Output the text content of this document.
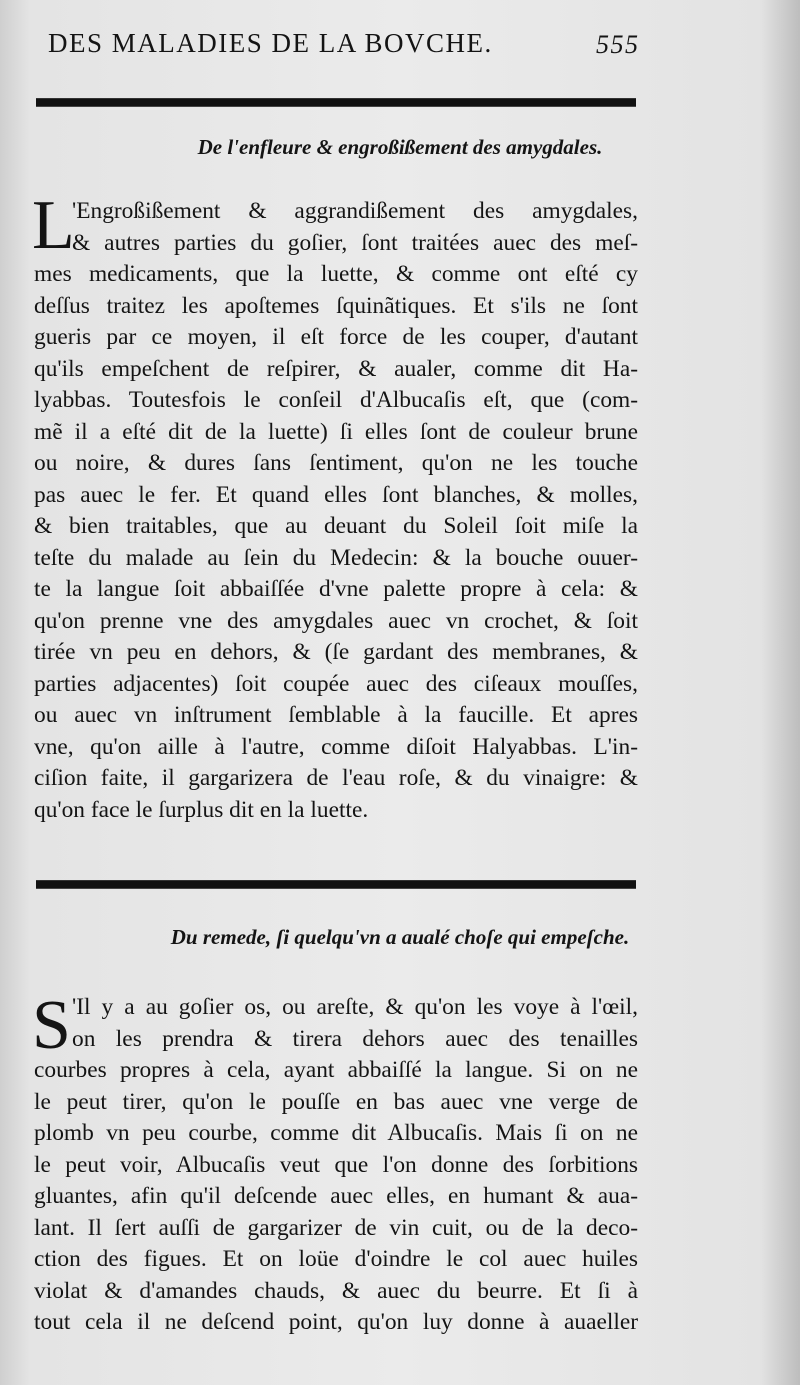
DES MALADIES DE LA BOVCHE.	555
De l'enfleure & engroßißement des amygdales.
L
'Engroßißement & aggrandißement des amygdales,
& autres parties du goſier, ſont traitées auec des meſ-
mes medicaments, que la luette, & comme ont eſté cy
deſſus traitez les apoſtemes ſquinãtiques. Et s'ils ne ſont
gueris par ce moyen, il eſt force de les couper, d'autant
qu'ils empeſchent de reſpirer, & aualer, comme dit Ha-
lyabbas. Toutesfois le conſeil d'Albucaſis eſt, que (com-
mẽ il a eſté dit de la luette) ſi elles ſont de couleur brune
ou noire, & dures ſans ſentiment, qu'on ne les touche
pas auec le fer. Et quand elles ſont blanches, & molles,
& bien traitables, que au deuant du Soleil ſoit miſe la
teſte du malade au ſein du Medecin: & la bouche ouuer-
te la langue ſoit abbaiſſée d'vne palette propre à cela: &
qu'on prenne vne des amygdales auec vn crochet, & ſoit
tirée vn peu en dehors, & (ſe gardant des membranes, &
parties adjacentes) ſoit coupée auec des ciſeaux mouſſes,
ou auec vn inſtrument ſemblable à la faucille. Et apres
vne, qu'on aille à l'autre, comme diſoit Halyabbas. L'in-
ciſion faite, il gargarizera de l'eau roſe, & du vinaigre: &
qu'on face le ſurplus dit en la luette.
Du remede, ſi quelqu'vn a aualé choſe qui empeſche.
S 'Il y a au goſier os, ou areſte, & qu'on les voye à l'œil,
on les prendra & tirera dehors auec des tenailles
courbes propres à cela, ayant abbaiſſé la langue. Si on ne
le peut tirer, qu'on le pouſſe en bas auec vne verge de
plomb vn peu courbe, comme dit Albucaſis. Mais ſi on ne
le peut voir, Albucaſis veut que l'on donne des ſorbitions
gluantes, afin qu'il deſcende auec elles, en humant & aua-
lant. Il ſert auſſi de gargarizer de vin cuit, ou de la deco-
ction des figues. Et on loüe d'oindre le col auec huiles
violat & d'amandes chauds, & auec du beurre. Et ſi à
tout cela il ne deſcend point, qu'on luy donne à auaeller
